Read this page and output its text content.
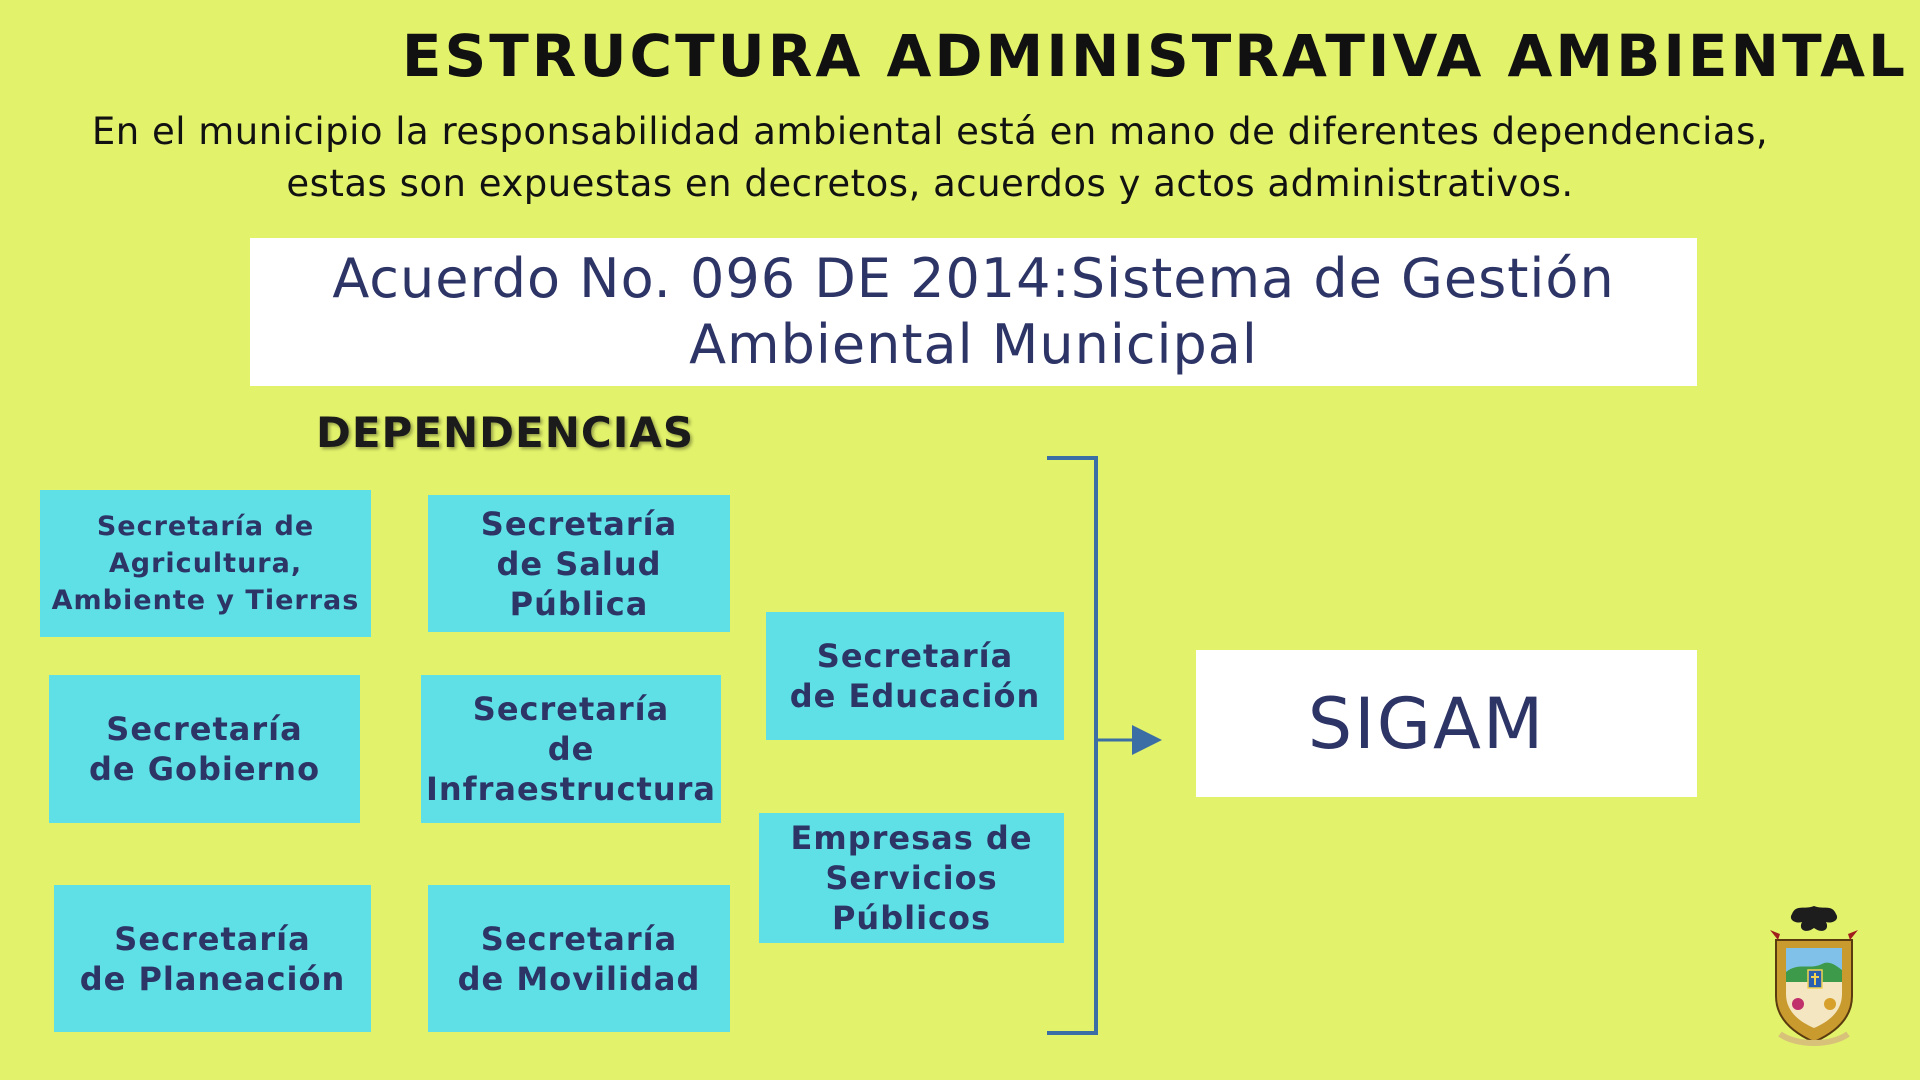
ESTRUCTURA ADMINISTRATIVA AMBIENTAL
En el municipio la responsabilidad ambiental está en mano de diferentes dependencias,
estas son expuestas en decretos, acuerdos y actos administrativos.
Acuerdo No. 096 DE 2014:Sistema de Gestión
Ambiental Municipal
DEPENDENCIAS
Secretaría de
Agricultura,
Ambiente y Tierras
Secretaría
de Salud Pública
Secretaría
de Gobierno
Secretaría
de
Infraestructura
Secretaría
de Educación
Secretaría
de Planeación
Secretaría
de Movilidad
Empresas de
Servicios
Públicos
SIGAM
